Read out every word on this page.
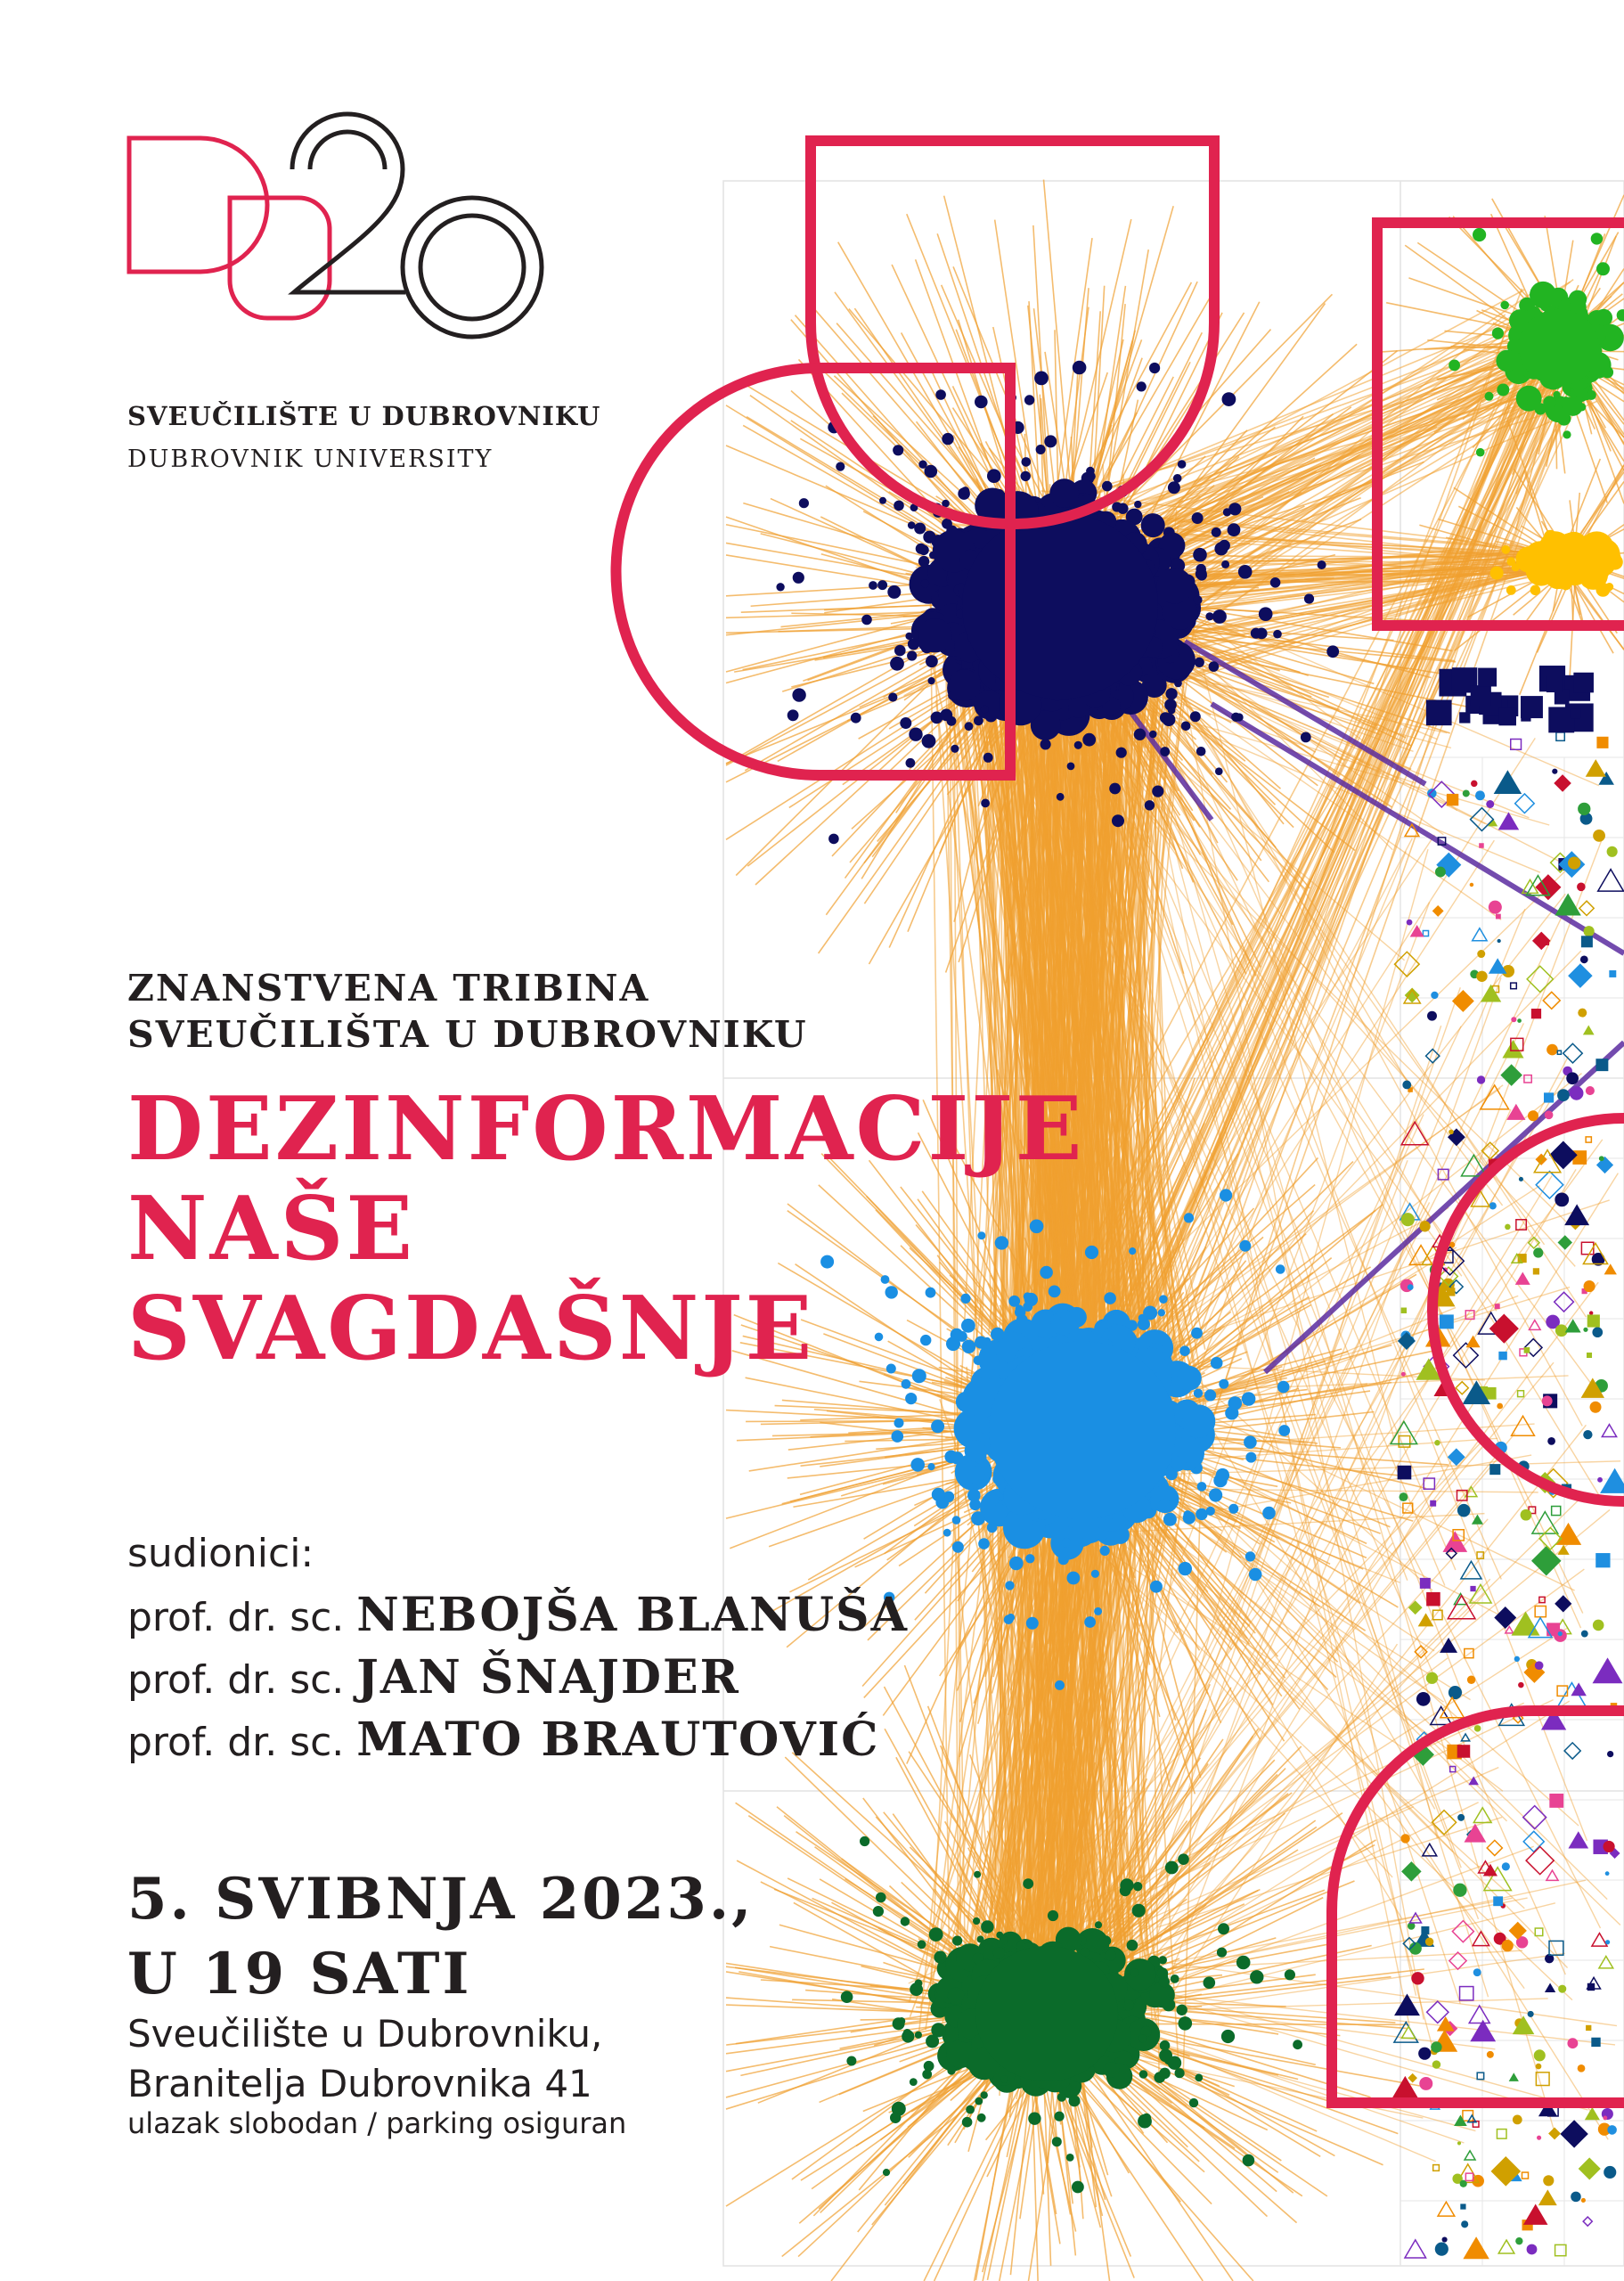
SVEUČILIŠTE U DUBROVNIKU
DUBROVNIK UNIVERSITY
ZNANSTVENA TRIBINA
SVEUČILIŠTA U DUBROVNIKU
DEZINFORMACIJE
NAŠE
SVAGDAŠNJE
sudionici:
prof. dr. sc. NEBOJŠA BLANUŠA
prof. dr. sc. JAN ŠNAJDER
prof. dr. sc. MATO BRAUTOVIĆ
5. SVIBNJA 2023.,
U 19 SATI
Sveučilište u Dubrovniku,
Branitelja Dubrovnika 41
ulazak slobodan / parking osiguran
